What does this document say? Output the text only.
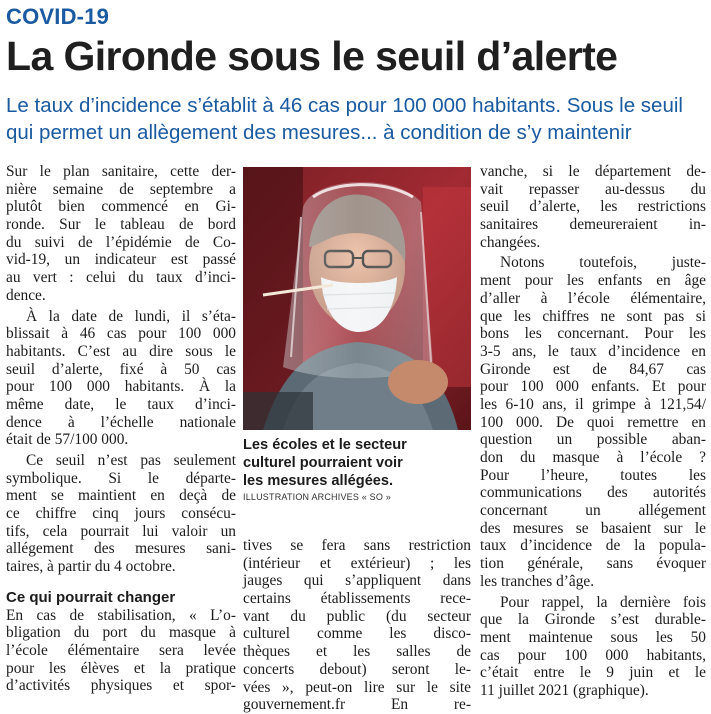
COVID-19
La Gironde sous le seuil d’alerte
Le taux d’incidence s’établit à 46 cas pour 100 000 habitants. Sous le seuil
qui permet un allègement des mesures... à condition de s’y maintenir
Sur le plan sanitaire, cette der-
nière semaine de septembre a
plutôt bien commencé en Gi-
ronde. Sur le tableau de bord
du suivi de l’épidémie de Co-
vid-19, un indicateur est passé
au vert : celui du taux d’inci-
dence.
À la date de lundi, il s’éta-
blissait à 46 cas pour 100 000
habitants. C’est au dire sous le
seuil d’alerte, fixé à 50 cas
pour 100 000 habitants. À la
même date, le taux d’inci-
dence à l’échelle nationale
était de 57/100 000.
Ce seuil n’est pas seulement
symbolique. Si le départe-
ment se maintient en deçà de
ce chiffre cinq jours consécu-
tifs, cela pourrait lui valoir un
allégement des mesures sani-
taires, à partir du 4 octobre.
Ce qui pourrait changer
En cas de stabilisation, « L’o-
bligation du port du masque à
l’école élémentaire sera levée
pour les élèves et la pratique
d’activités physiques et spor-
Les écoles et le secteur
culturel pourraient voir
les mesures allégées.
ILLUSTRATION ARCHIVES « SO »
tives se fera sans restriction
(intérieur et extérieur) ; les
jauges qui s’appliquent dans
certains établissements rece-
vant du public (du secteur
culturel comme les disco-
thèques et les salles de
concerts debout) seront le-
vées », peut-on lire sur le site
gouvernement.fr En re-
vanche, si le département de-
vait repasser au-dessus du
seuil d’alerte, les restrictions
sanitaires demeureraient in-
changées.
Notons toutefois, juste-
ment pour les enfants en âge
d’aller à l’école élémentaire,
que les chiffres ne sont pas si
bons les concernant. Pour les
3-5 ans, le taux d’incidence en
Gironde est de 84,67 cas
pour 100 000 enfants. Et pour
les 6-10 ans, il grimpe à 121,54/
100 000. De quoi remettre en
question un possible aban-
don du masque à l’école ?
Pour l’heure, toutes les
communications des autorités
concernant un allégement
des mesures se basaient sur le
taux d’incidence de la popula-
tion générale, sans évoquer
les tranches d’âge.
Pour rappel, la dernière fois
que la Gironde s’est durable-
ment maintenue sous les 50
cas pour 100 000 habitants,
c’était entre le 9 juin et le
11 juillet 2021 (graphique).
